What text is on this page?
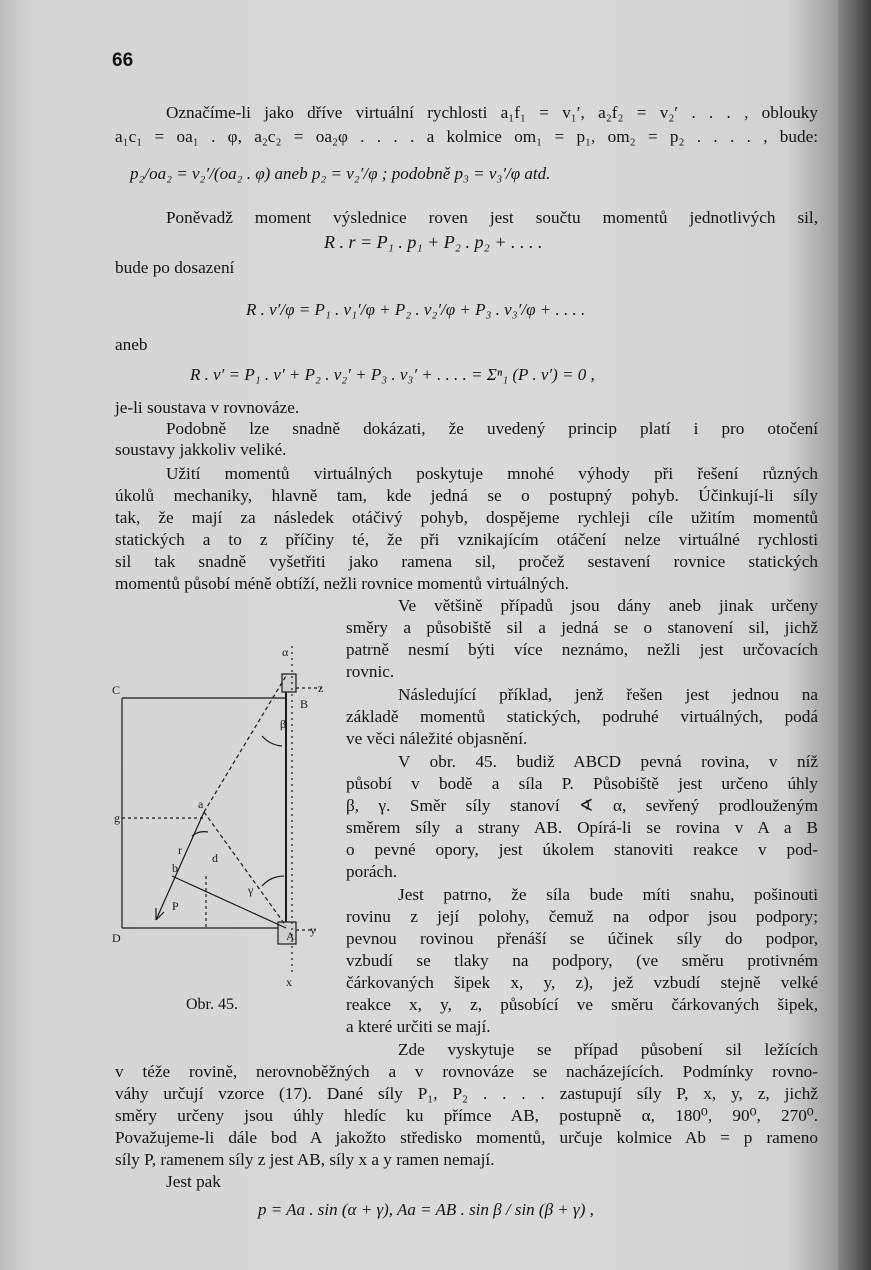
66
Označíme-li jako dříve virtuální rychlosti a₁f₁ = v₁′, a₂f₂ = v₂′ . . . , oblouky
a₁c₁ = oa₁ . φ, a₂c₂ = oa₂φ . . . . a kolmice om₁ = p₁, om₂ = p₂ . . . . , bude:
p₂/oa₂ = v₂′/(oa₂ . φ) aneb p₂ = v₂′/φ ; podobně p₃ = v₃′/φ atd.
Poněvadž moment výslednice roven jest součtu momentů jednotlivých sil,
R . r = P₁ . p₁ + P₂ . p₂ + . . . .
bude po dosazení
R . v′/φ = P₁ . v₁′/φ + P₂ . v₂′/φ + P₃ . v₃′/φ + . . . .
aneb
R . v′ = P₁ . v′ + P₂ . v₂′ + P₃ . v₃′ + . . . . = Σⁿ₁ (P . v′) = 0 ,
je-li soustava v rovnováze.
Podobně lze snadně dokázati, že uvedený princip platí i pro otočení
soustavy jakkoliv veliké.
Užití momentů virtuálných poskytuje mnohé výhody při řešení různých
úkolů mechaniky, hlavně tam, kde jedná se o postupný pohyb. Účinkují-li síly
tak, že mají za následek otáčivý pohyb, dospějeme rychleji cíle užitím momentů
statických a to z příčiny té, že při vznikajícím otáčení nelze virtuálné rychlosti
sil tak snadně vyšetřiti jako ramena sil, pročež sestavení rovnice statických
momentů působí méně obtíží, nežli rovnice momentů virtuálných.
Ve většině případů jsou dány aneb jinak určeny
směry a působiště sil a jedná se o stanovení sil, jichž
patrně nesmí býti více neznámo, nežli jest určovacích
rovnic.
Následující příklad, jenž řešen jest jednou na
základě momentů statických, podruhé virtuálných, podá
ve věci náležité objasnění.
V obr. 45. budiž ABCD pevná rovina, v níž
působí v bodě a síla P. Působiště jest určeno úhly
β, γ. Směr síly stanoví ∢ α, sevřený prodlouženým
směrem síly a strany AB. Opírá-li se rovina v A a B
o pevné opory, jest úkolem stanoviti reakce v pod-
porách.
Jest patrno, že síla bude míti snahu, pošinouti
rovinu z její polohy, čemuž na odpor jsou podpory;
pevnou rovinou přenáší se účinek síly do podpor,
vzbudí se tlaky na podpory, (ve směru protivném
čárkovaných šipek x, y, z), jež vzbudí stejně velké
reakce x, y, z, působící ve směru čárkovaných šipek,
a které určiti se mají.
Zde vyskytuje se případ působení sil ležících
v téže rovině, nerovnoběžných a v rovnováze se nacházejících. Podmínky rovno-
váhy určují vzorce (17). Dané síly P₁, P₂ . . . . zastupují síly P, x, y, z, jichž
směry určeny jsou úhly hledíc ku přímce AB, postupně α, 180⁰, 90⁰, 270⁰.
Považujeme-li dále bod A jakožto středisko momentů, určuje kolmice Ab = p rameno
síly P, ramenem síly z jest AB, síly x a y ramen nemají.
Jest pak
p = Aa . sin (α + γ), Aa = AB . sin β / sin (β + γ) ,
C
D
B
A
a
b
d
g
P
x
y
z
α
β
γ
r
Obr. 45.
